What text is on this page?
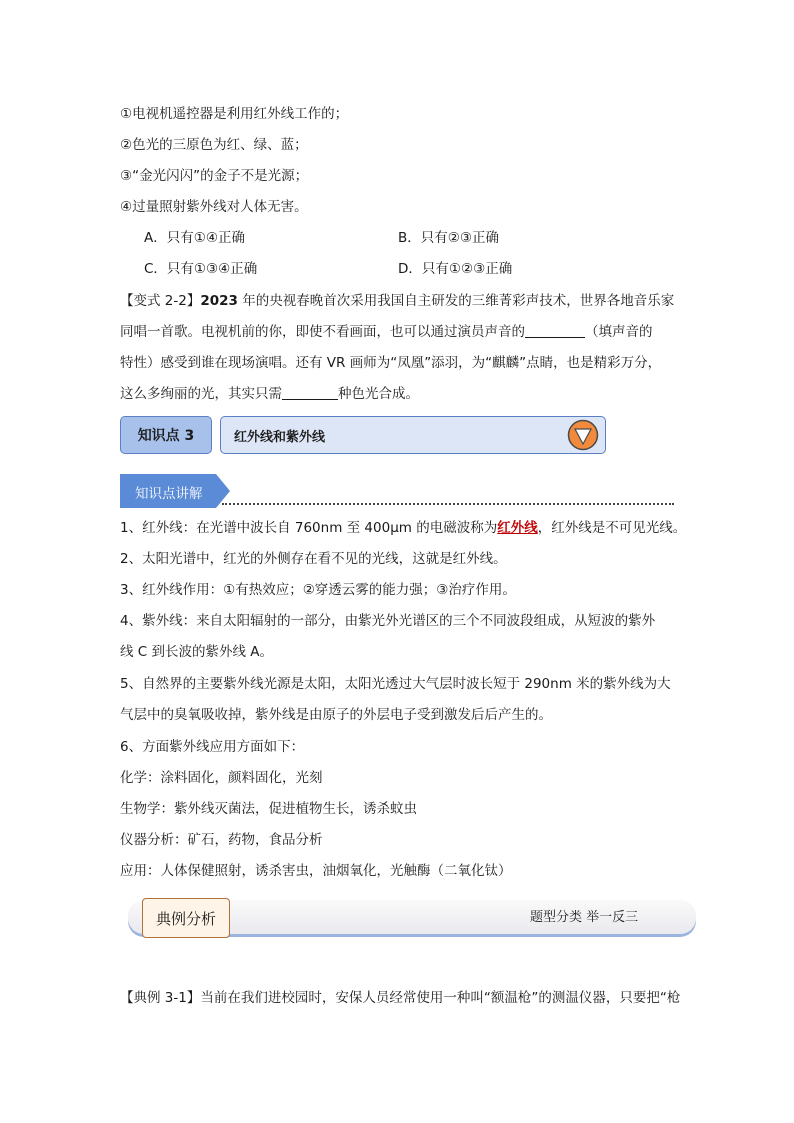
①电视机遥控器是利用红外线工作的；
②色光的三原色为红、绿、蓝；
③“金光闪闪”的金子不是光源；
④过量照射紫外线对人体无害。
A．只有①④正确	B．只有②③正确
C．只有①③④正确	D．只有①②③正确
【变式 2-2】2023 年的央视春晚首次采用我国自主研发的三维菁彩声技术，世界各地音乐家
同唱一首歌。电视机前的你，即使不看画面，也可以通过演员声音的	（填声音的
特性）感受到谁在现场演唱。还有 VR 画师为“凤凰”添羽，为“麒麟”点睛，也是精彩万分，
这么多绚丽的光，其实只需	种色光合成。
知识点 3	红外线和紫外线
知识点讲解
1、红外线：在光谱中波长自 760nm 至 400μm 的电磁波称为红外线，红外线是不可见光线。
2、太阳光谱中，红光的外侧存在看不见的光线，这就是红外线。
3、红外线作用：①有热效应；②穿透云雾的能力强；③治疗作用。
4、紫外线：来自太阳辐射的一部分，由紫光外光谱区的三个不同波段组成，从短波的紫外
线 C 到长波的紫外线 A。
5、自然界的主要紫外线光源是太阳，太阳光透过大气层时波长短于 290nm 米的紫外线为大
气层中的臭氧吸收掉，紫外线是由原子的外层电子受到激发后后产生的。
6、方面紫外线应用方面如下：
化学：涂料固化，颜料固化，光刻
生物学：紫外线灭菌法，促进植物生长，诱杀蚊虫
仪器分析：矿石，药物，食品分析
应用：人体保健照射，诱杀害虫，油烟氧化，光触酶（二氧化钛）
典例分析	题型分类 举一反三
【典例 3-1】当前在我们进校园时，安保人员经常使用一种叫“额温枪”的测温仪器，只要把“枪
